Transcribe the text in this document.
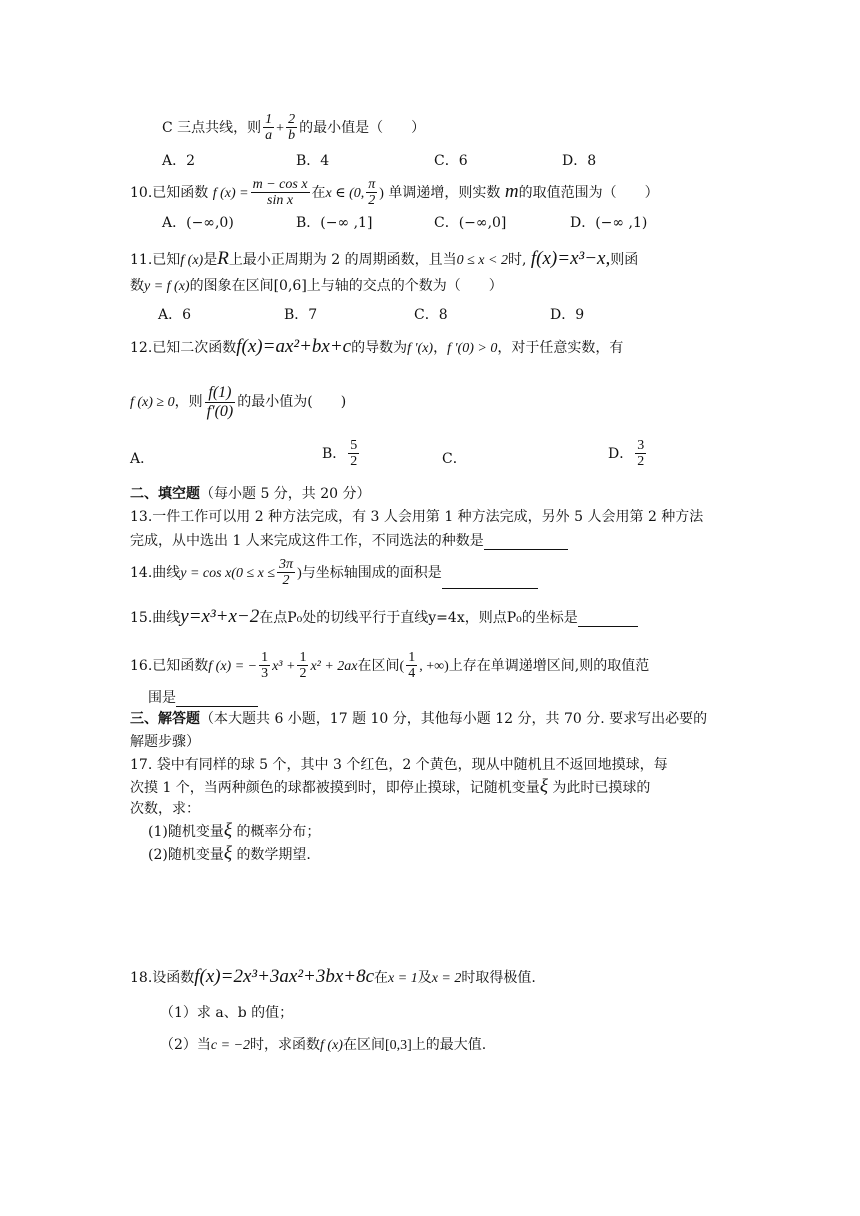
C 三点共线，则 $\frac{1}{a} + \frac{2}{b}$ 的最小值是（　　）
A．2	B．4	C．6	D．8
10.已知函数 f $(x) = \frac{\text{m − cos x}}{\text{sin x}}$ 在x ∈ (0, $\frac{\pi}{2}$ ) 单调递增，则实数 m的取值范围为（　　）
A．(−∞,0)	B．(−∞ ,1]	C．(−∞,0]	D．(−∞ ,1)
11.已知f (x)是R上最小正周期为 2 的周期函数，且当0 ≤ x < 2时, f(x)=x³−x,则函
数y = f (x)的图象在区间[0,6]上与轴的交点的个数为（　　）
A．6	B．7	C．8	D．9
12.已知二次函数f(x)=ax²+bx+c的导数为f ′(x)，f ′(0) > 0，对于任意实数，有
f (x) ≥ 0，则 $\frac{f(1)}{f'(0)}$ 的最小值为(　　)
A．	B． $\frac{5}{2}$	C．	D． $\frac{3}{2}$
二、填空题（每小题 5 分，共 20 分）
13.一件工作可以用 2 种方法完成，有 3 人会用第 1 种方法完成，另外 5 人会用第 2 种方法
完成，从中选出 1 人来完成这件工作，不同选法的种数是
14.曲线$y = \cos x(0 \le x \le \frac{3\pi}{2}$ )与坐标轴围成的面积是
15.曲线y=x³+x−2在点P₀处的切线平行于直线y=4x，则点P₀的坐标是
16.已知函数f (x) = − $\frac{1}{3} x^3 + \frac{1}{2} x^2 + 2ax$在区间( $\frac{1}{4}$ , +∞)上存在单调递增区间,则的取值范
围是
三、解答题（本大题共 6 小题，17 题 10 分，其他每小题 12 分，共 70 分. 要求写出必要的
解题步骤）
17. 袋中有同样的球 5 个，其中 3 个红色，2 个黄色，现从中随机且不返回地摸球，每
次摸 1 个，当两种颜色的球都被摸到时，即停止摸球，记随机变量ξ 为此时已摸球的
次数，求：
(1)随机变量ξ 的概率分布；
(2)随机变量ξ 的数学期望.
18.设函数f(x)=2x³+3ax²+3bx+8c在x = 1及x = 2时取得极值.
（1）求 a、b 的值；
（2）当c = −2时，求函数f (x)在区间[0,3]上的最大值.
